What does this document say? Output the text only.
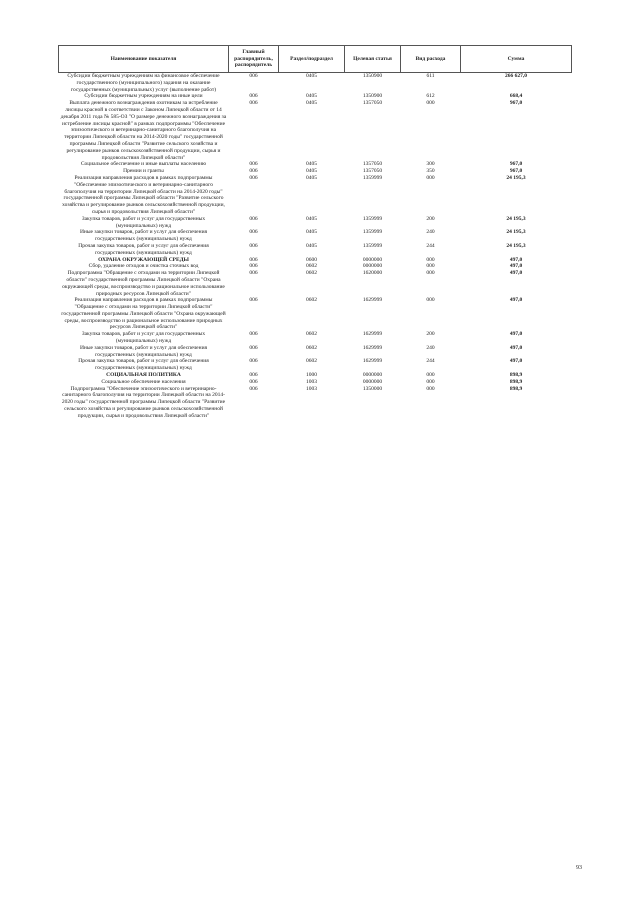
Наименование показателя	Главный распорядитель, распорядитель	Раздел/подраздел	Целевая статья	Вид расхода	Сумма
Субсидии бюджетным учреждениям на финансовое обеспечение государственного (муниципального) задания на оказание государственных (муниципальных) услуг (выполнение работ)	006	0405	1350900	611	266 627,0
Субсидии бюджетным учреждениям на иные цели	006	0405	1350900	612	668,4
Выплата денежного вознаграждения охотникам за истребление лисицы красной в соответствии с Законом Липецкой области от 14 декабря 2011 года № 585-ОЗ "О размере денежного вознаграждения за истребление лисицы красной" в рамках подпрограммы "Обеспечение эпизоотического и ветеринарно-санитарного благополучия на территории Липецкой области на 2014-2020 годы" государственной программы Липецкой области "Развитие сельского хозяйства и регулирование рынков сельскохозяйственной продукции, сырья и продовольствия Липецкой области"	006	0405	1357050	000	967,0
Социальное обеспечение и иные выплаты населению	006	0405	1357050	300	967,0
Премии и гранты	006	0405	1357050	350	967,0
Реализация направления расходов в рамках подпрограммы "Обеспечение эпизоотического и ветеринарно-санитарного благополучия на территории Липецкой области на 2014-2020 годы" государственной программы Липецкой области "Развитие сельского хозяйства и регулирование рынков сельскохозяйственной продукции, сырья и продовольствия Липецкой области"	006	0405	1359999	000	24 195,3
Закупка товаров, работ и услуг для государственных (муниципальных) нужд	006	0405	1359999	200	24 195,3
Иные закупки товаров, работ и услуг для обеспечения государственных (муниципальных) нужд	006	0405	1359999	240	24 195,3
Прочая закупка товаров, работ и услуг для обеспечения государственных (муниципальных) нужд	006	0405	1359999	244	24 195,3
ОХРАНА ОКРУЖАЮЩЕЙ СРЕДЫ	006	0600	0000000	000	497,0
Сбор, удаление отходов и очистка сточных вод	006	0602	0000000	000	497,0
Подпрограмма "Обращение с отходами на территории Липецкой области" государственной программы Липецкой области "Охрана окружающей среды, воспроизводство и рациональное использование природных ресурсов Липецкой области"	006	0602	1620000	000	497,0
Реализация направления расходов в рамках подпрограммы "Обращение с отходами на территории Липецкой области" государственной программы Липецкой области "Охрана окружающей среды, воспроизводство и рациональное использование природных ресурсов Липецкой области"	006	0602	1629999	000	497,0
Закупка товаров, работ и услуг для государственных (муниципальных) нужд	006	0602	1629999	200	497,0
Иные закупки товаров, работ и услуг для обеспечения государственных (муниципальных) нужд	006	0602	1629999	240	497,0
Прочая закупка товаров, работ и услуг для обеспечения государственных (муниципальных) нужд	006	0602	1629999	244	497,0
СОЦИАЛЬНАЯ ПОЛИТИКА	006	1000	0000000	000	898,9
Социальное обеспечение населения	006	1003	0000000	000	898,9
Подпрограмма "Обеспечение эпизоотического и ветеринарно-санитарного благополучия на территории Липецкой области на 2014-2020 годы" государственной программы Липецкой области "Развитие сельского хозяйства и регулирование рынков сельскохозяйственной продукции, сырья и продовольствия Липецкой области"	006	1003	1350000	000	898,9
93
